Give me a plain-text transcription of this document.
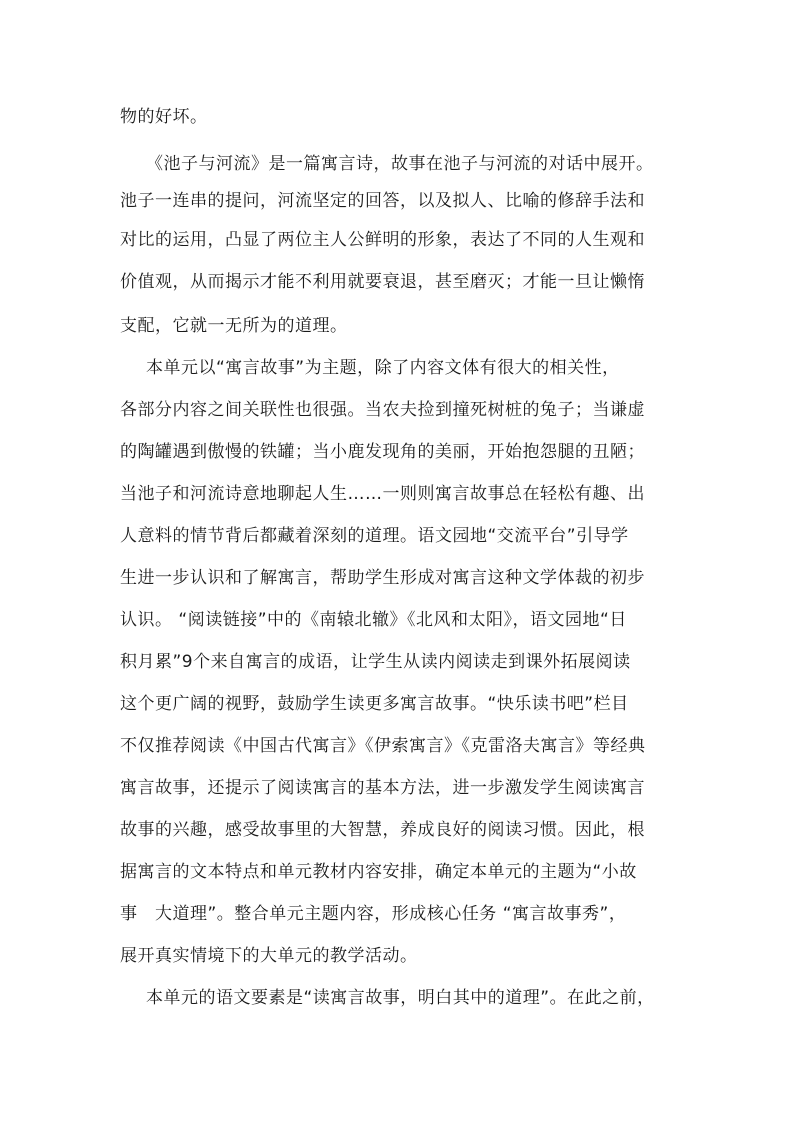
物的好坏。
《池子与河流》是一篇寓言诗，故事在池子与河流的对话中展开。
池子一连串的提问，河流坚定的回答，以及拟人、比喻的修辞手法和
对比的运用，凸显了两位主人公鲜明的形象，表达了不同的人生观和
价值观，从而揭示才能不利用就要衰退，甚至磨灭；才能一旦让懒惰
支配，它就一无所为的道理。
本单元以“寓言故事”为主题，除了内容文体有很大的相关性，
各部分内容之间关联性也很强。当农夫捡到撞死树桩的兔子；当谦虚
的陶罐遇到傲慢的铁罐；当小鹿发现角的美丽，开始抱怨腿的丑陋；
当池子和河流诗意地聊起人生……一则则寓言故事总在轻松有趣、出
人意料的情节背后都藏着深刻的道理。语文园地“交流平台”引导学
生进一步认识和了解寓言，帮助学生形成对寓言这种文学体裁的初步
认识。 “阅读链接”中的《南辕北辙》《北风和太阳》，语文园地“日
积月累”9个来自寓言的成语，让学生从读内阅读走到课外拓展阅读
这个更广阔的视野，鼓励学生读更多寓言故事。“快乐读书吧”栏目
不仅推荐阅读《中国古代寓言》《伊索寓言》《克雷洛夫寓言》等经典
寓言故事，还提示了阅读寓言的基本方法，进一步激发学生阅读寓言
故事的兴趣，感受故事里的大智慧，养成良好的阅读习惯。因此，根
据寓言的文本特点和单元教材内容安排，确定本单元的主题为“小故
事　大道理”。整合单元主题内容，形成核心任务 “寓言故事秀”，
展开真实情境下的大单元的教学活动。
本单元的语文要素是“读寓言故事，明白其中的道理”。在此之前，
